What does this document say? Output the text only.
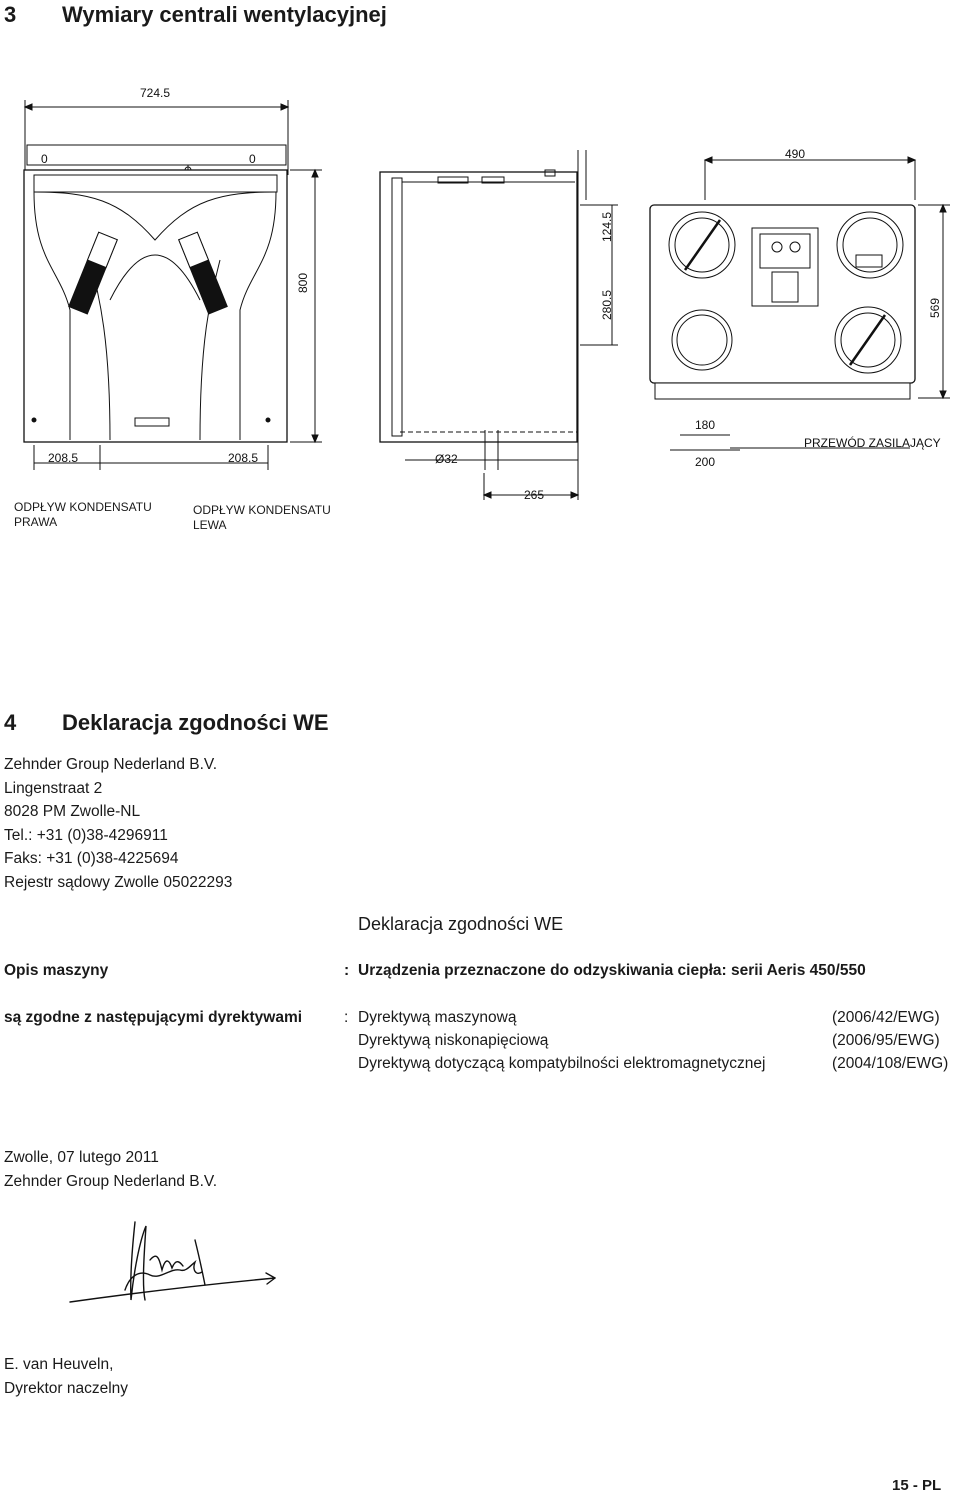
3 Wymiary centrali wentylacyjnej
724.5
0	0
800
208.5	208.5	Ø32
265
490
124.5
280.5	569
180
200
PRZEWÓD ZASILAJĄCY
ODPŁYW KONDENSATU
PRAWA
ODPŁYW KONDENSATU
LEWA
4 Deklaracja zgodności WE
Zehnder Group Nederland B.V.
Lingenstraat 2
8028 PM Zwolle-NL
Tel.: +31 (0)38-4296911
Faks: +31 (0)38-4225694
Rejestr sądowy Zwolle 05022293
Deklaracja zgodności WE
Opis maszyny	: Urządzenia przeznaczone do odzyskiwania ciepła: serii Aeris 450/550
są zgodne z następującymi dyrektywami	: Dyrektywą maszynową	(2006/42/EWG)
Dyrektywą niskonapięciową	(2006/95/EWG)
Dyrektywą dotyczącą kompatybilności elektromagnetycznej	(2004/108/EWG)
Zwolle, 07 lutego 2011
Zehnder Group Nederland B.V.
E. van Heuveln,
Dyrektor naczelny
15 - PL
